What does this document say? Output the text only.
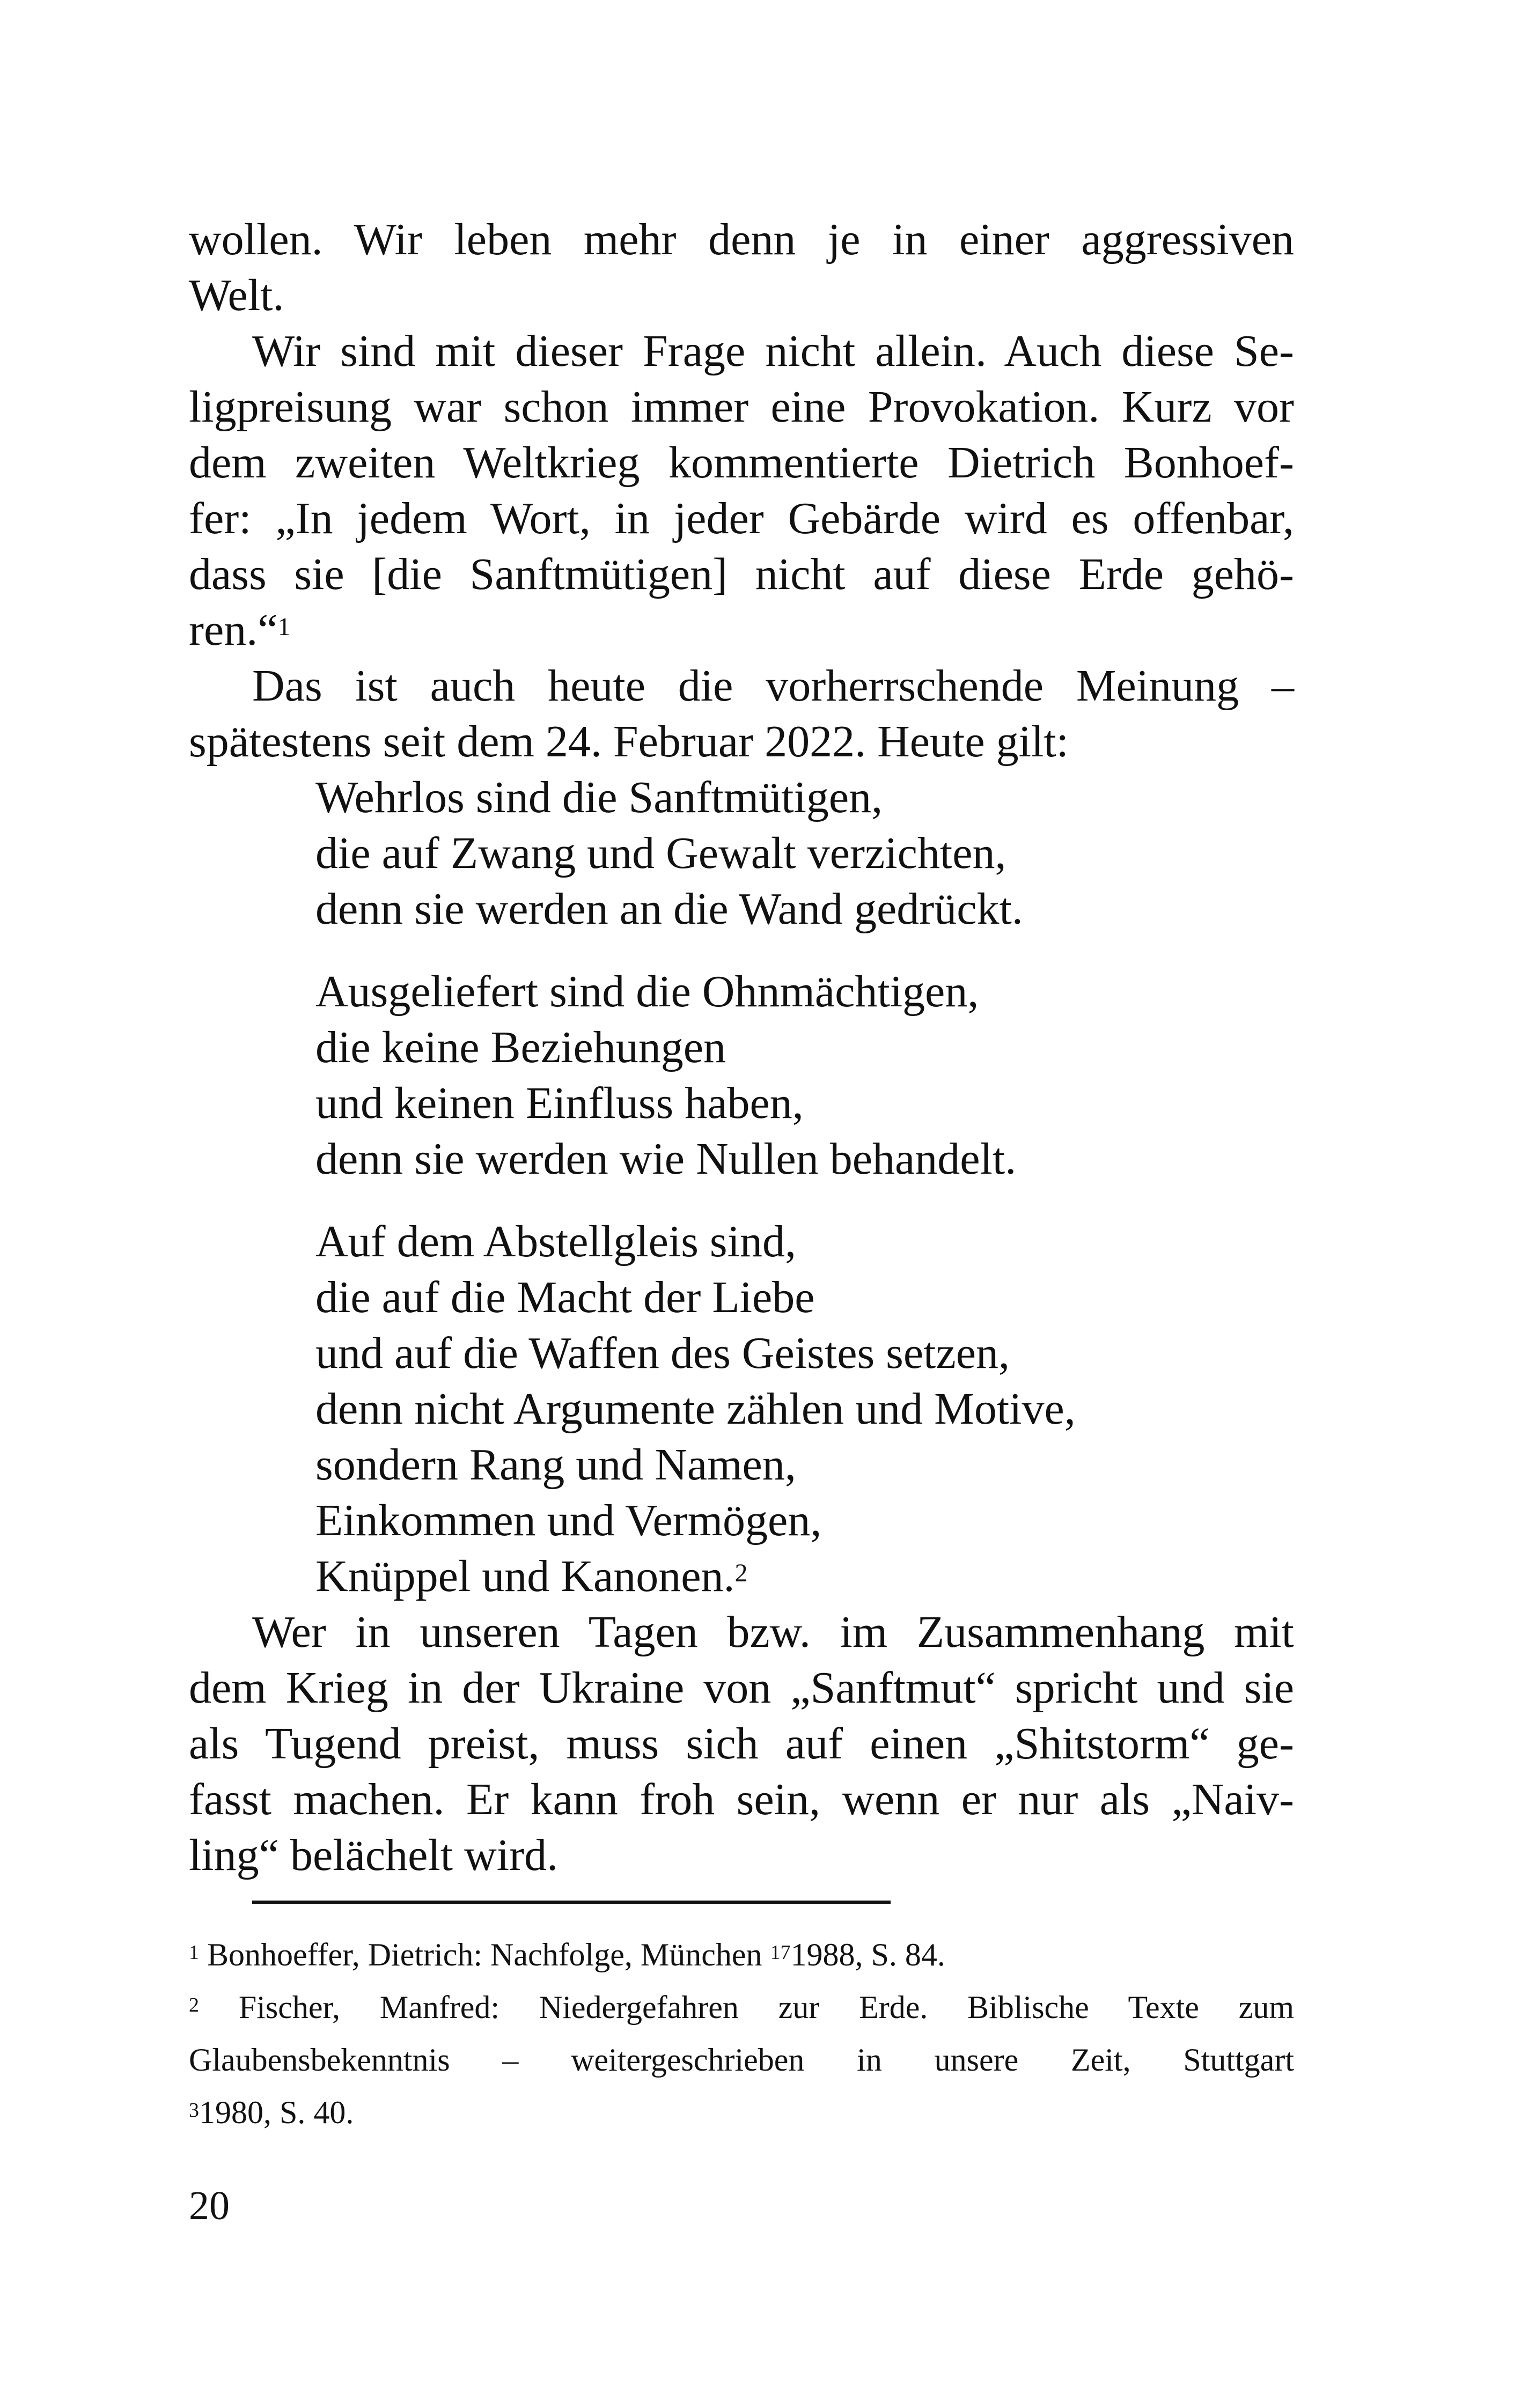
wollen. Wir leben mehr denn je in einer aggressiven
Welt.
Wir sind mit dieser Frage nicht allein. Auch diese Se-
ligpreisung war schon immer eine Provokation. Kurz vor
dem zweiten Weltkrieg kommentierte Dietrich Bonhoef-
fer: „In jedem Wort, in jeder Gebärde wird es offenbar,
dass sie [die Sanftmütigen] nicht auf diese Erde gehö-
ren.“$^1$
Das ist auch heute die vorherrschende Meinung –
spätestens seit dem 24. Februar 2022. Heute gilt:
Wehrlos sind die Sanftmütigen,
die auf Zwang und Gewalt verzichten,
denn sie werden an die Wand gedrückt.
Ausgeliefert sind die Ohnmächtigen,
die keine Beziehungen
und keinen Einfluss haben,
denn sie werden wie Nullen behandelt.
Auf dem Abstellgleis sind,
die auf die Macht der Liebe
und auf die Waffen des Geistes setzen,
denn nicht Argumente zählen und Motive,
sondern Rang und Namen,
Einkommen und Vermögen,
Knüppel und Kanonen.$^2$
Wer in unseren Tagen bzw. im Zusammenhang mit
dem Krieg in der Ukraine von „Sanftmut“ spricht und sie
als Tugend preist, muss sich auf einen „Shitstorm“ ge-
fasst machen. Er kann froh sein, wenn er nur als „Naiv-
ling“ belächelt wird.
$^1$ Bonhoeffer, Dietrich: Nachfolge, München $^{17}$1988, S. 84.
$^2$ Fischer, Manfred: Niedergefahren zur Erde. Biblische Texte zum
Glaubensbekenntnis – weitergeschrieben in unsere Zeit, Stuttgart
$^3$1980, S. 40.
20
